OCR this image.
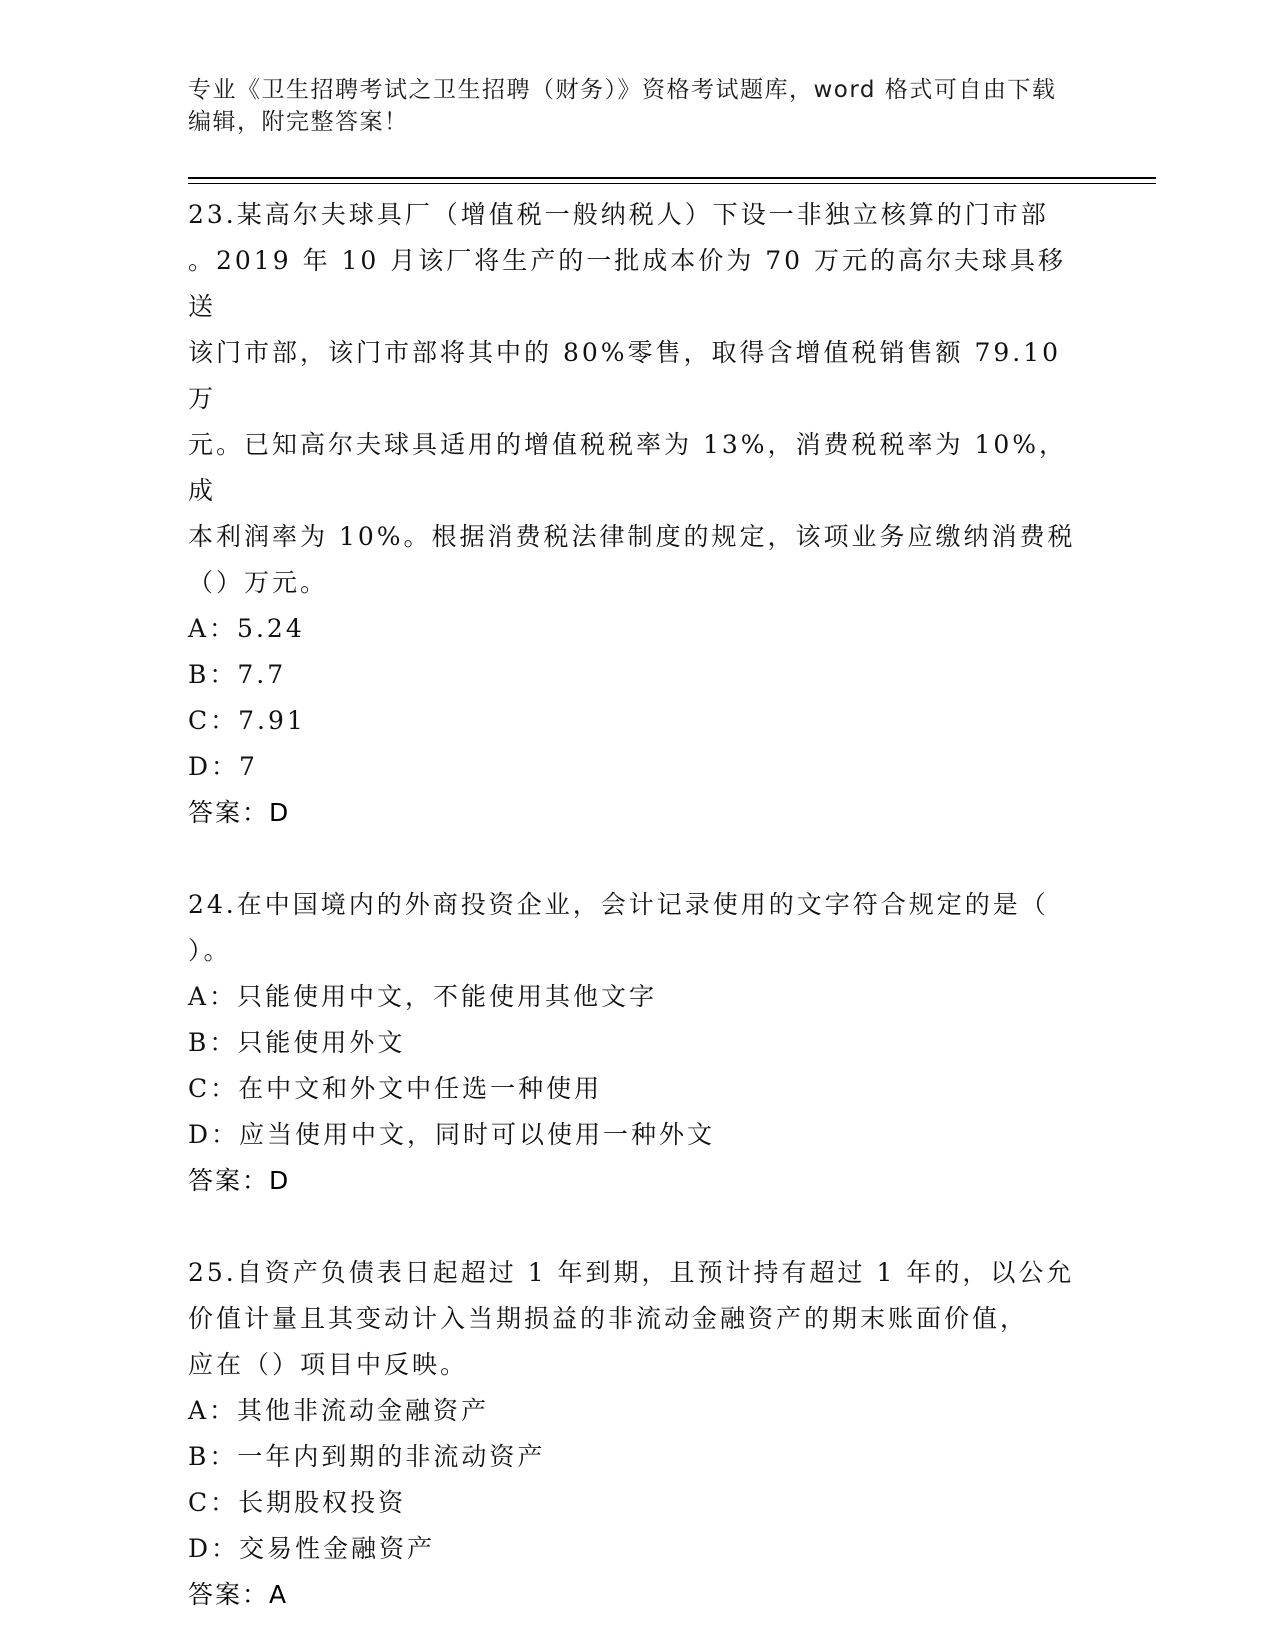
专业《卫生招聘考试之卫生招聘（财务）》资格考试题库，word 格式可自由下载
编辑，附完整答案！

23.某高尔夫球具厂（增值税一般纳税人）下设一非独立核算的门市部

。2019 年 10 月该厂将生产的一批成本价为 70 万元的高尔夫球具移送

该门市部，该门市部将其中的 80%零售，取得含增值税销售额 79.10 万

元。已知高尔夫球具适用的增值税税率为 13%，消费税税率为 10%，成

本利润率为 10%。根据消费税法律制度的规定，该项业务应缴纳消费税

（）万元。

A：5.24

B：7.7

C：7.91

D：7

答案：D

24.在中国境内的外商投资企业，会计记录使用的文字符合规定的是（

）。

A：只能使用中文，不能使用其他文字

B：只能使用外文

C：在中文和外文中任选一种使用

D：应当使用中文，同时可以使用一种外文

答案：D

25.自资产负债表日起超过 1 年到期，且预计持有超过 1 年的，以公允

价值计量且其变动计入当期损益的非流动金融资产的期末账面价值，

应在（）项目中反映。

A：其他非流动金融资产

B：一年内到期的非流动资产

C：长期股权投资

D：交易性金融资产

答案：A
